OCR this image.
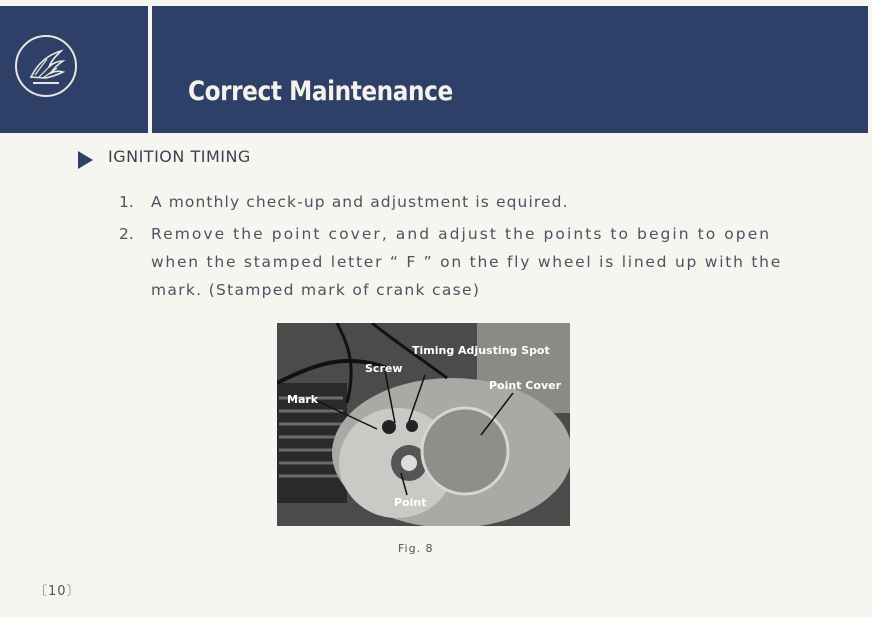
Correct Maintenance
IGNITION TIMING
1. A monthly check-up and adjustment is equired.
2. Remove the point cover, and adjust the points to begin to open
when the stamped letter “ F ” on the fly wheel is lined up with the
mark. (Stamped mark of crank case)
Timing Adjusting Spot
Screw
Point Cover
Mark
Point
Fig. 8
〔10〕
